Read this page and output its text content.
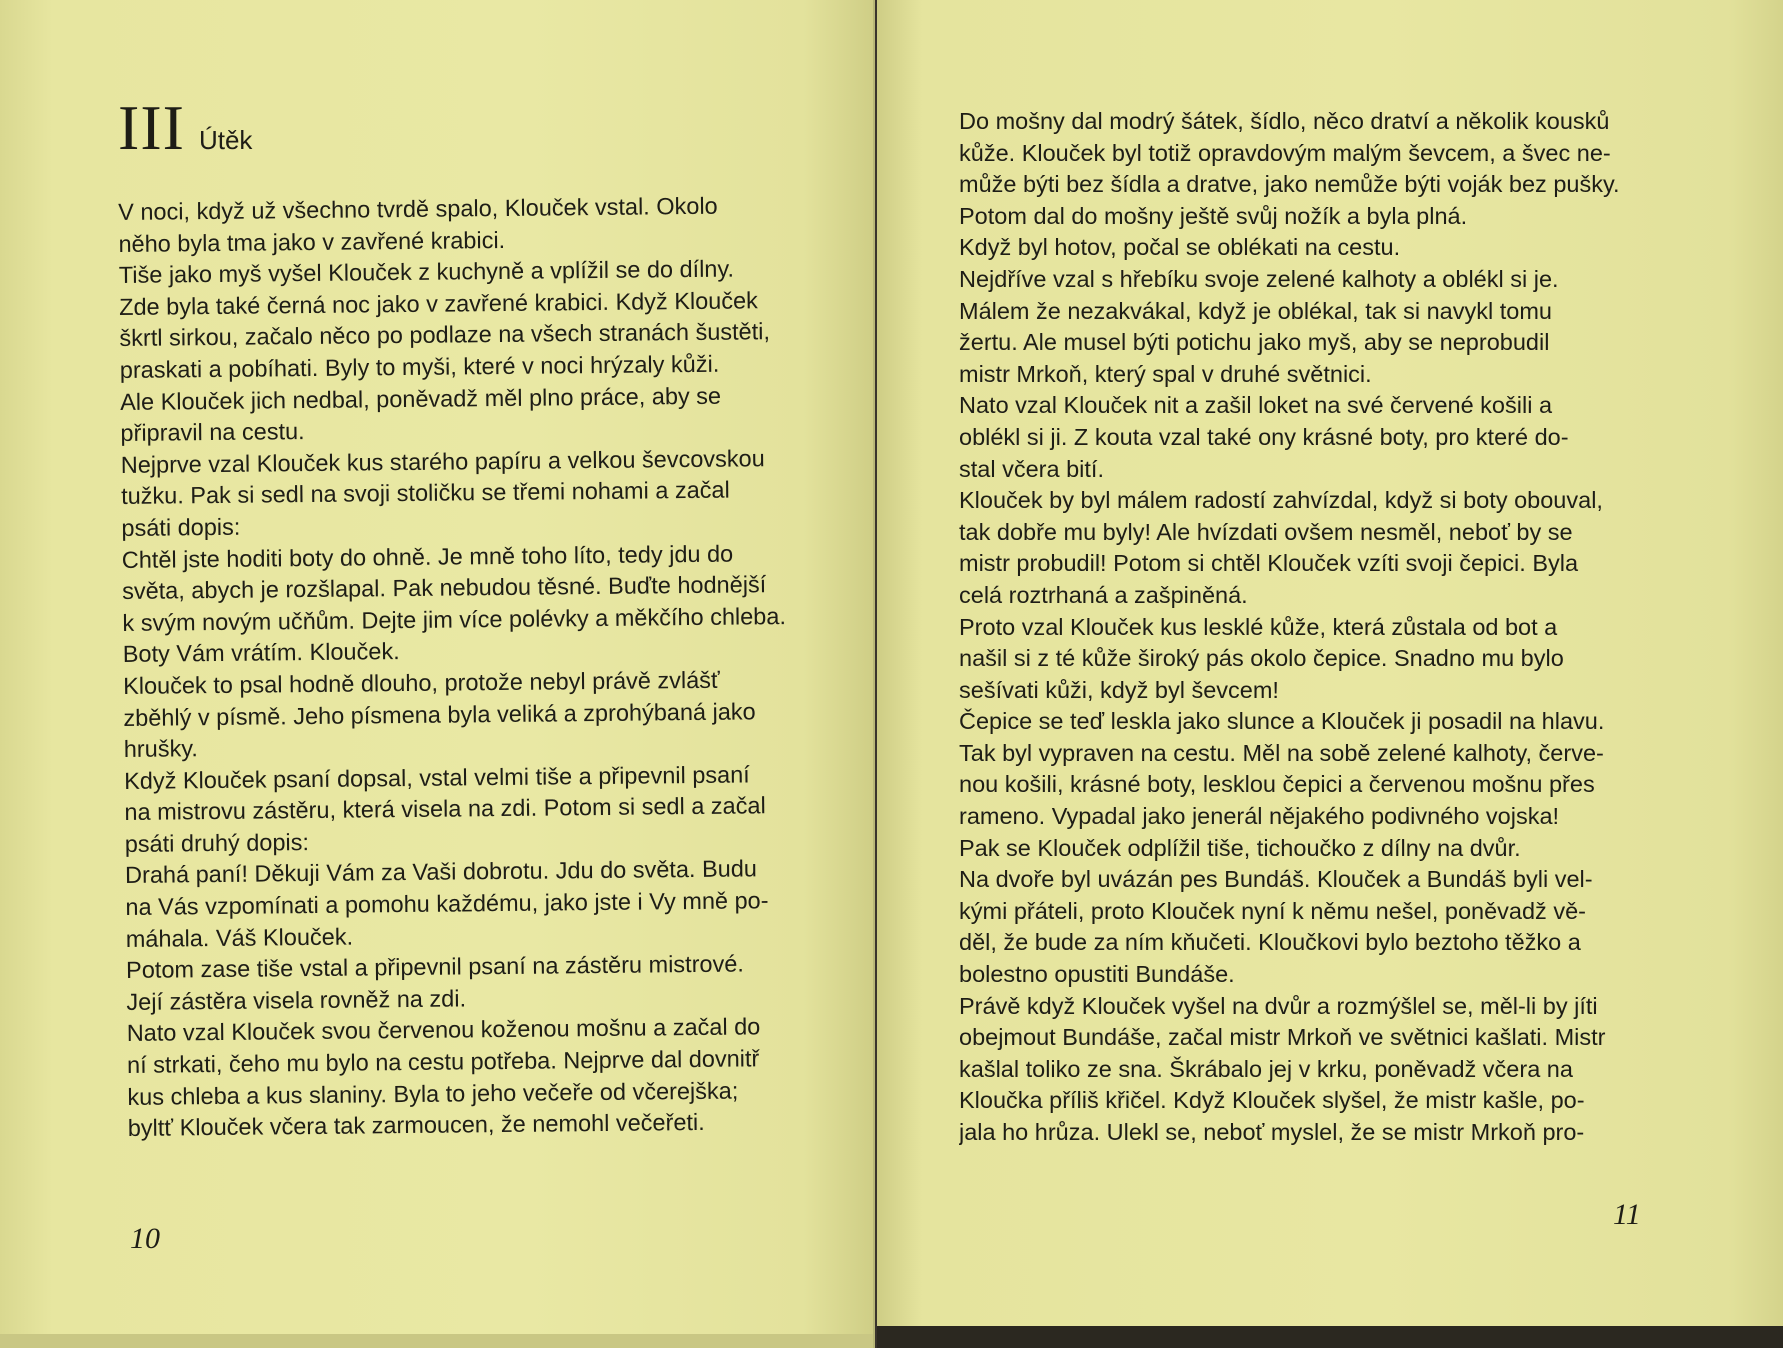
III Útěk
V noci, když už všechno tvrdě spalo, Klouček vstal. Okolo
něho byla tma jako v zavřené krabici.
Tiše jako myš vyšel Klouček z kuchyně a vplížil se do dílny.
Zde byla také černá noc jako v zavřené krabici. Když Klouček
škrtl sirkou, začalo něco po podlaze na všech stranách šustěti,
praskati a pobíhati. Byly to myši, které v noci hrýzaly kůži.
Ale Klouček jich nedbal, poněvadž měl plno práce, aby se
připravil na cestu.
Nejprve vzal Klouček kus starého papíru a velkou ševcovskou
tužku. Pak si sedl na svoji stoličku se třemi nohami a začal
psáti dopis:
Chtěl jste hoditi boty do ohně. Je mně toho líto, tedy jdu do
světa, abych je rozšlapal. Pak nebudou těsné. Buďte hodnější
k svým novým učňům. Dejte jim více polévky a měkčího chleba.
Boty Vám vrátím. Klouček.
Klouček to psal hodně dlouho, protože nebyl právě zvlášť
zběhlý v písmě. Jeho písmena byla veliká a zprohýbaná jako
hrušky.
Když Klouček psaní dopsal, vstal velmi tiše a připevnil psaní
na mistrovu zástěru, která visela na zdi. Potom si sedl a začal
psáti druhý dopis:
Drahá paní! Děkuji Vám za Vaši dobrotu. Jdu do světa. Budu
na Vás vzpomínati a pomohu každému, jako jste i Vy mně po-
máhala. Váš Klouček.
Potom zase tiše vstal a připevnil psaní na zástěru mistrové.
Její zástěra visela rovněž na zdi.
Nato vzal Klouček svou červenou koženou mošnu a začal do
ní strkati, čeho mu bylo na cestu potřeba. Nejprve dal dovnitř
kus chleba a kus slaniny. Byla to jeho večeře od včerejška;
byltť Klouček včera tak zarmoucen, že nemohl večeřeti.
10
Do mošny dal modrý šátek, šídlo, něco dratví a několik kousků
kůže. Klouček byl totiž opravdovým malým ševcem, a švec ne-
může býti bez šídla a dratve, jako nemůže býti voják bez pušky.
Potom dal do mošny ještě svůj nožík a byla plná.
Když byl hotov, počal se oblékati na cestu.
Nejdříve vzal s hřebíku svoje zelené kalhoty a oblékl si je.
Málem že nezakvákal, když je oblékal, tak si navykl tomu
žertu. Ale musel býti potichu jako myš, aby se neprobudil
mistr Mrkoň, který spal v druhé světnici.
Nato vzal Klouček nit a zašil loket na své červené košili a
oblékl si ji. Z kouta vzal také ony krásné boty, pro které do-
stal včera bití.
Klouček by byl málem radostí zahvízdal, když si boty obouval,
tak dobře mu byly! Ale hvízdati ovšem nesměl, neboť by se
mistr probudil! Potom si chtěl Klouček vzíti svoji čepici. Byla
celá roztrhaná a zašpiněná.
Proto vzal Klouček kus lesklé kůže, která zůstala od bot a
našil si z té kůže široký pás okolo čepice. Snadno mu bylo
sešívati kůži, když byl ševcem!
Čepice se teď leskla jako slunce a Klouček ji posadil na hlavu.
Tak byl vypraven na cestu. Měl na sobě zelené kalhoty, červe-
nou košili, krásné boty, lesklou čepici a červenou mošnu přes
rameno. Vypadal jako jenerál nějakého podivného vojska!
Pak se Klouček odplížil tiše, tichoučko z dílny na dvůr.
Na dvoře byl uvázán pes Bundáš. Klouček a Bundáš byli vel-
kými přáteli, proto Klouček nyní k němu nešel, poněvadž vě-
děl, že bude za ním kňučeti. Kloučkovi bylo beztoho těžko a
bolestno opustiti Bundáše.
Právě když Klouček vyšel na dvůr a rozmýšlel se, měl-li by jíti
obejmout Bundáše, začal mistr Mrkoň ve světnici kašlati. Mistr
kašlal toliko ze sna. Škrábalo jej v krku, poněvadž včera na
Kloučka příliš křičel. Když Klouček slyšel, že mistr kašle, po-
jala ho hrůza. Ulekl se, neboť myslel, že se mistr Mrkoň pro-
11
